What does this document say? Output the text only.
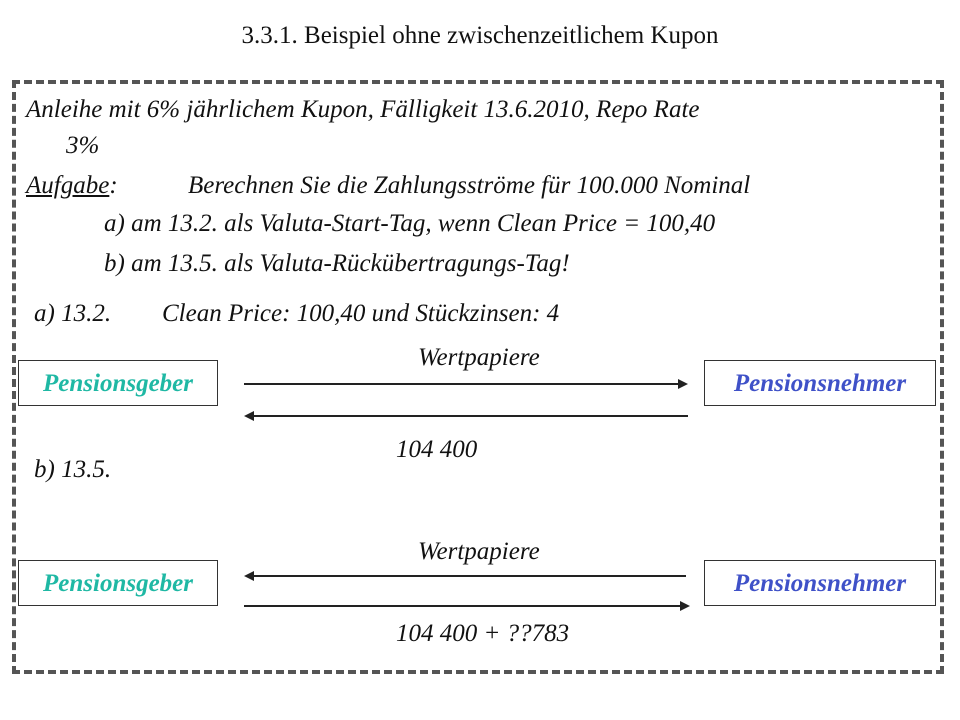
3.3.1. Beispiel ohne zwischenzeitlichem Kupon
Anleihe mit 6% jährlichem Kupon, Fälligkeit 13.6.2010, Repo Rate
3%
Aufgabe:	Berechnen Sie die Zahlungsströme für 100.000 Nominal
a) am 13.2. als Valuta-Start-Tag, wenn Clean Price = 100,40
b) am 13.5. als Valuta-Rückübertragungs-Tag!
a) 13.2. Clean Price: 100,40 und Stückzinsen: 4
Wertpapiere
Pensionsgeber	Pensionsnehmer
104 400
b) 13.5.
Wertpapiere
Pensionsgeber	Pensionsnehmer
104 400 + ??783
